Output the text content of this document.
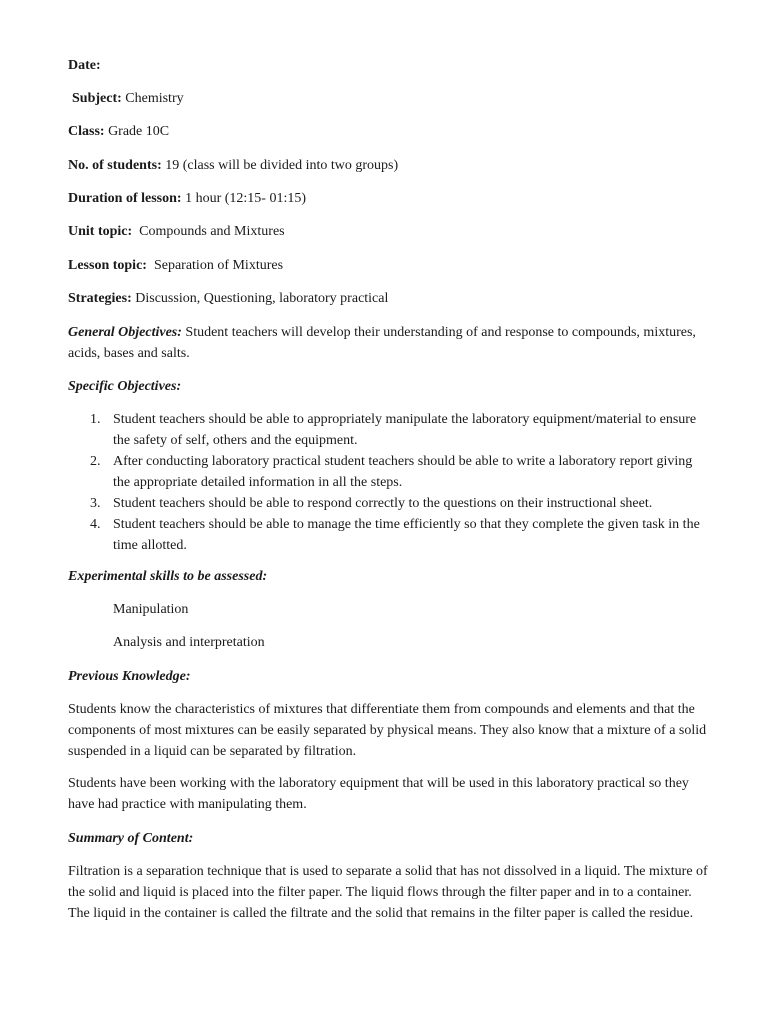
Date:

Subject: Chemistry

Class: Grade 10C

No. of students: 19 (class will be divided into two groups)

Duration of lesson: 1 hour (12:15- 01:15)

Unit topic: Compounds and Mixtures

Lesson topic: Separation of Mixtures

Strategies: Discussion, Questioning, laboratory practical

General Objectives: Student teachers will develop their understanding of and response to compounds, mixtures, acids, bases and salts.

Specific Objectives:

1. Student teachers should be able to appropriately manipulate the laboratory equipment/material to ensure the safety of self, others and the equipment.
2. After conducting laboratory practical student teachers should be able to write a laboratory report giving the appropriate detailed information in all the steps.
3. Student teachers should be able to respond correctly to the questions on their instructional sheet.
4. Student teachers should be able to manage the time efficiently so that they complete the given task in the time allotted.

Experimental skills to be assessed:

Manipulation

Analysis and interpretation

Previous Knowledge:

Students know the characteristics of mixtures that differentiate them from compounds and elements and that the components of most mixtures can be easily separated by physical means. They also know that a mixture of a solid suspended in a liquid can be separated by filtration.

Students have been working with the laboratory equipment that will be used in this laboratory practical so they have had practice with manipulating them.

Summary of Content:

Filtration is a separation technique that is used to separate a solid that has not dissolved in a liquid. The mixture of the solid and liquid is placed into the filter paper. The liquid flows through the filter paper and in to a container. The liquid in the container is called the filtrate and the solid that remains in the filter paper is called the residue.
